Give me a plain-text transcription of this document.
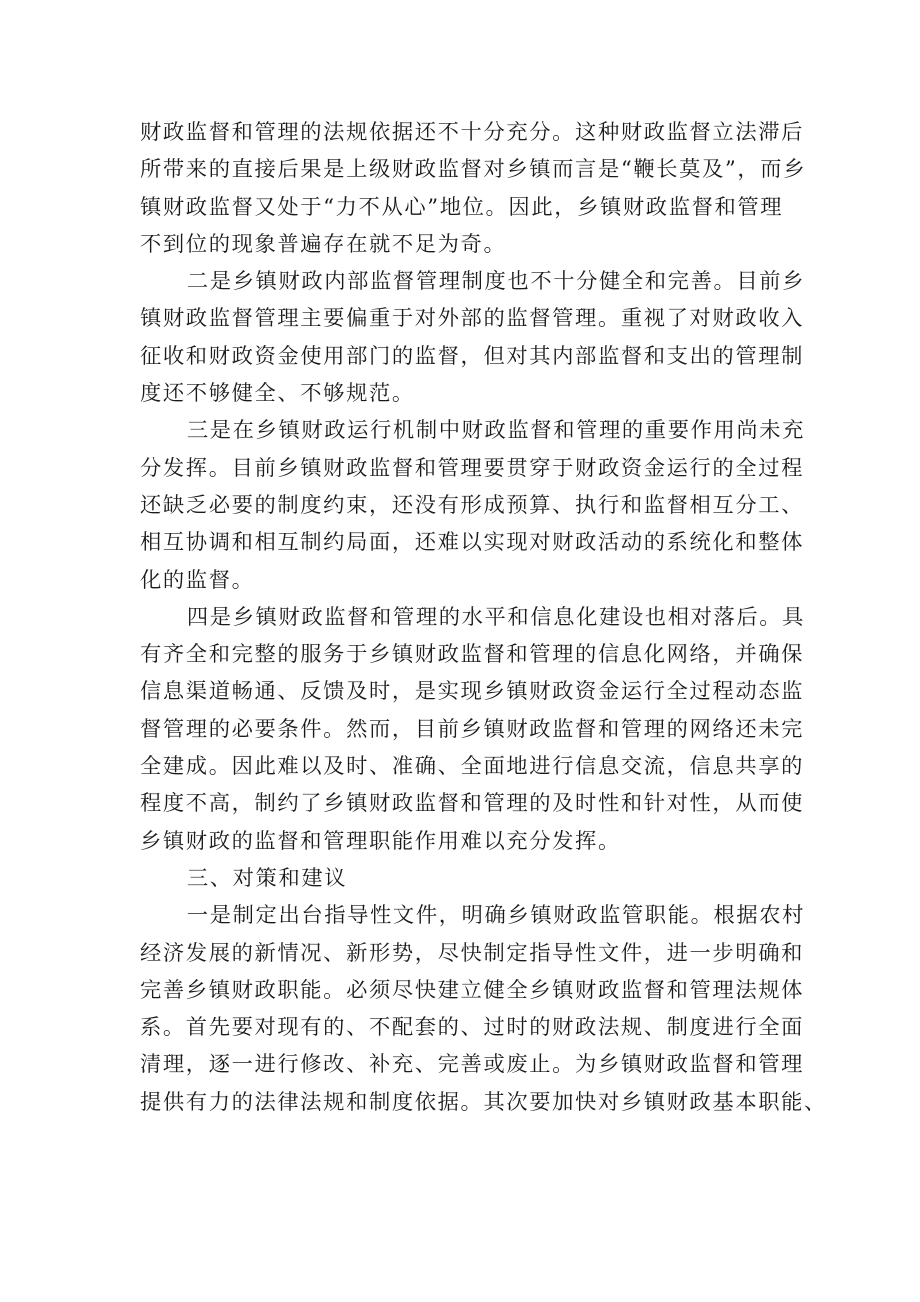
财政监督和管理的法规依据还不十分充分。这种财政监督立法滞后
所带来的直接后果是上级财政监督对乡镇而言是“鞭长莫及”，而乡
镇财政监督又处于“力不从心”地位。因此，乡镇财政监督和管理
不到位的现象普遍存在就不足为奇。

二是乡镇财政内部监督管理制度也不十分健全和完善。目前乡
镇财政监督管理主要偏重于对外部的监督管理。重视了对财政收入
征收和财政资金使用部门的监督，但对其内部监督和支出的管理制
度还不够健全、不够规范。

三是在乡镇财政运行机制中财政监督和管理的重要作用尚未充
分发挥。目前乡镇财政监督和管理要贯穿于财政资金运行的全过程
还缺乏必要的制度约束，还没有形成预算、执行和监督相互分工、
相互协调和相互制约局面，还难以实现对财政活动的系统化和整体
化的监督。

四是乡镇财政监督和管理的水平和信息化建设也相对落后。具
有齐全和完整的服务于乡镇财政监督和管理的信息化网络，并确保
信息渠道畅通、反馈及时，是实现乡镇财政资金运行全过程动态监
督管理的必要条件。然而，目前乡镇财政监督和管理的网络还未完
全建成。因此难以及时、准确、全面地进行信息交流，信息共享的
程度不高，制约了乡镇财政监督和管理的及时性和针对性，从而使
乡镇财政的监督和管理职能作用难以充分发挥。

三、对策和建议

一是制定出台指导性文件，明确乡镇财政监管职能。根据农村
经济发展的新情况、新形势，尽快制定指导性文件，进一步明确和
完善乡镇财政职能。必须尽快建立健全乡镇财政监督和管理法规体
系。首先要对现有的、不配套的、过时的财政法规、制度进行全面
清理，逐一进行修改、补充、完善或废止。为乡镇财政监督和管理
提供有力的法律法规和制度依据。其次要加快对乡镇财政基本职能、
